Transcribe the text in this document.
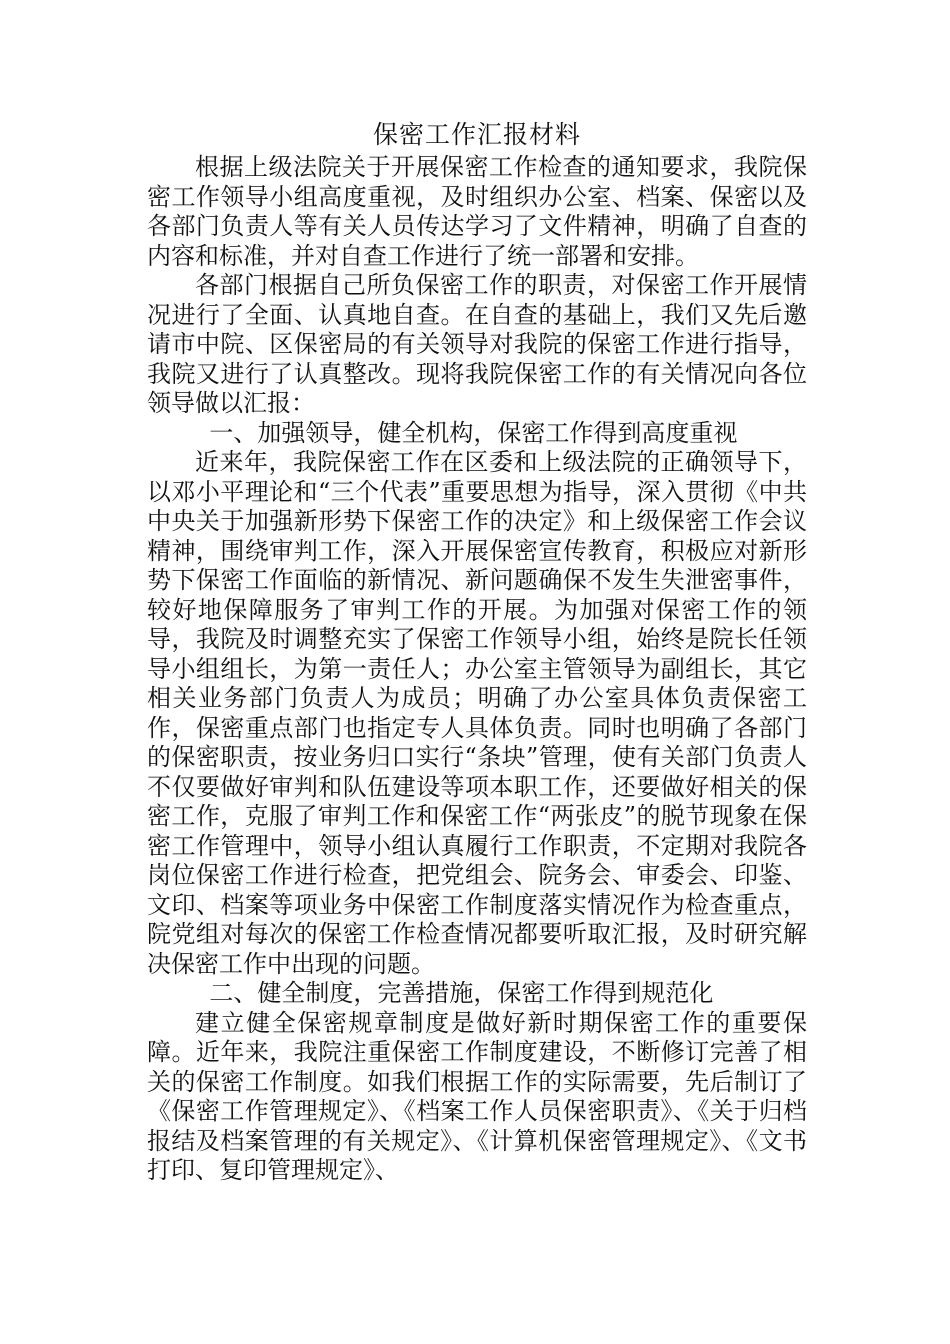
保密工作汇报材料

根据上级法院关于开展保密工作检查的通知要求，我院保密工作领导小组高度重视，及时组织办公室、档案、保密以及各部门负责人等有关人员传达学习了文件精神，明确了自查的内容和标准，并对自查工作进行了统一部署和安排。

各部门根据自己所负保密工作的职责，对保密工作开展情况进行了全面、认真地自查。在自查的基础上，我们又先后邀请市中院、区保密局的有关领导对我院的保密工作进行指导，我院又进行了认真整改。现将我院保密工作的有关情况向各位领导做以汇报：

一、加强领导，健全机构，保密工作得到高度重视

近来年，我院保密工作在区委和上级法院的正确领导下，以邓小平理论和“三个代表”重要思想为指导，深入贯彻《中共中央关于加强新形势下保密工作的决定》和上级保密工作会议精神，围绕审判工作，深入开展保密宣传教育，积极应对新形势下保密工作面临的新情况、新问题确保不发生失泄密事件，较好地保障服务了审判工作的开展。为加强对保密工作的领导，我院及时调整充实了保密工作领导小组，始终是院长任领导小组组长，为第一责任人；办公室主管领导为副组长，其它相关业务部门负责人为成员；明确了办公室具体负责保密工作，保密重点部门也指定专人具体负责。同时也明确了各部门的保密职责，按业务归口实行“条块”管理，使有关部门负责人不仅要做好审判和队伍建设等项本职工作，还要做好相关的保密工作，克服了审判工作和保密工作“两张皮”的脱节现象在保密工作管理中，领导小组认真履行工作职责，不定期对我院各岗位保密工作进行检查，把党组会、院务会、审委会、印鉴、文印、档案等项业务中保密工作制度落实情况作为检查重点，院党组对每次的保密工作检查情况都要听取汇报，及时研究解决保密工作中出现的问题。

二、健全制度，完善措施，保密工作得到规范化

建立健全保密规章制度是做好新时期保密工作的重要保障。近年来，我院注重保密工作制度建设，不断修订完善了相关的保密工作制度。如我们根据工作的实际需要，先后制订了《保密工作管理规定》、《档案工作人员保密职责》、《关于归档报结及档案管理的有关规定》、《计算机保密管理规定》、《文书打印、复印管理规定》、
